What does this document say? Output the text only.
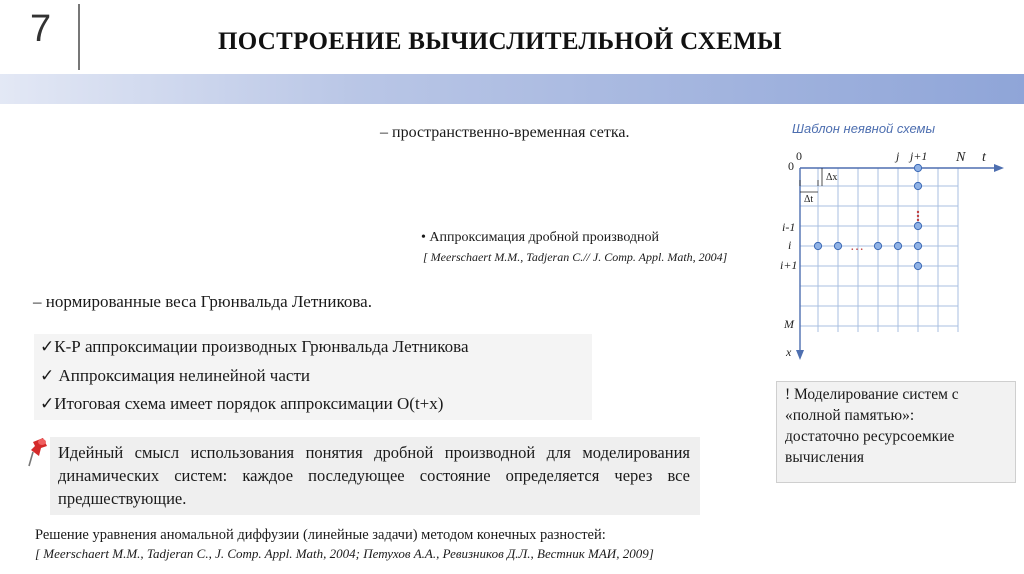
7	ПОСТРОЕНИЕ ВЫЧИСЛИТЕЛЬНОЙ СХЕМЫ
– пространственно-временная сетка.
• Аппроксимация дробной производной
[ Meerschaert M.M., Tadjeran C.// J. Comp. Appl. Math, 2004]
– нормированные веса Грюнвальда Летникова.
✓К-Р аппроксимации производных Грюнвальда Летникова
✓ Аппроксимация нелинейной части
✓Итоговая схема имеет порядок аппроксимации O(t+x)
Идейный смысл использования понятия дробной производной для моделирования динамических систем: каждое последующее состояние определяется через все предшествующие.
Решение уравнения аномальной диффузии (линейные задачи) методом конечных разностей:
[ Meerschaert M.M., Tadjeran C., J. Comp. Appl. Math, 2004; Петухов А.А., Ревизников Д.Л., Вестник МАИ, 2009]
Шаблон неявной схемы
0
0	j j+1 N t
Δx
Δt
i-1
i
i+1
M
x
…
! Моделирование систем с
«полной памятью»:
достаточно ресурсоемкие
вычисления
